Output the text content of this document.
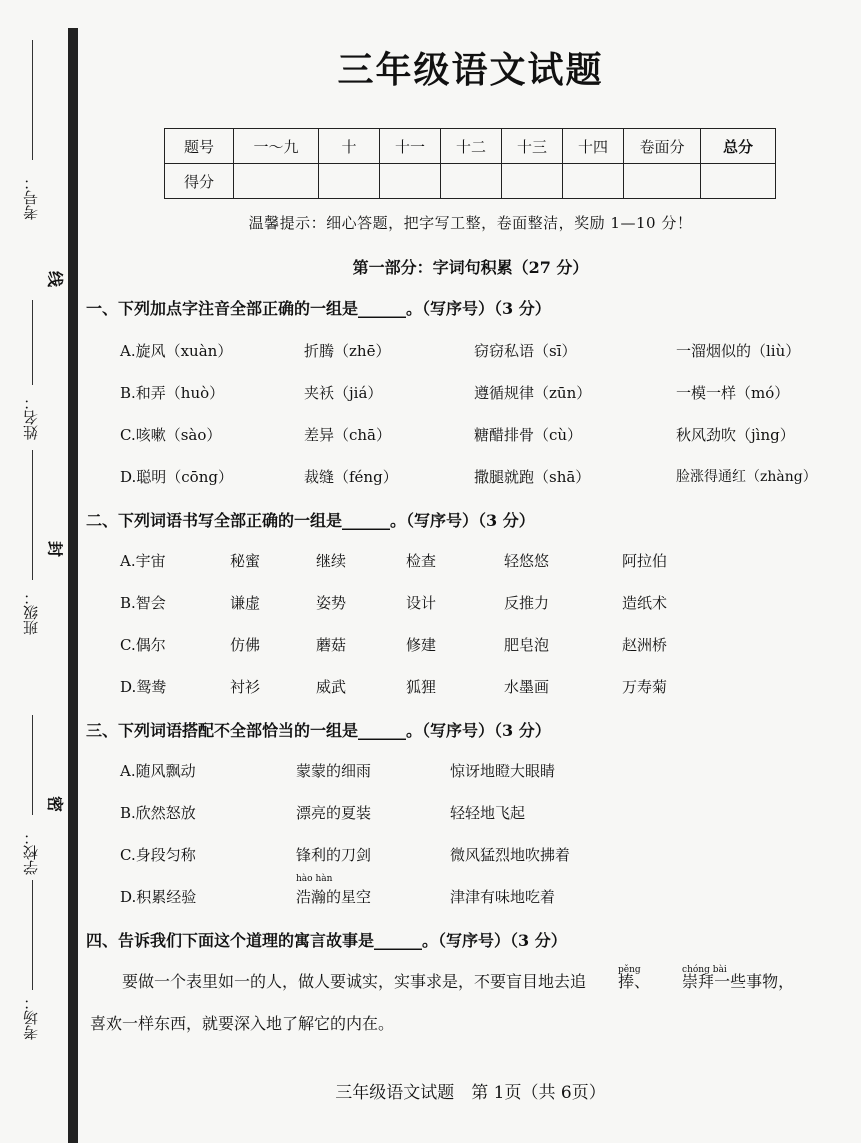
考号：
线
姓名：
封
班级：
密
学校：
考场：
三年级语文试题
题号	一～九	十	十一	十二	十三	十四	卷面分	总分
得分								
温馨提示：细心答题，把字写工整，卷面整洁，奖励 1—10 分！
第一部分：字词句积累（27 分）
一、下列加点字注音全部正确的一组是______。（写序号）（3 分）
A.旋风（xuàn）	折腾（zhē）	窃窃私语（sī）	一溜烟似的（liù）
B.和弄（huò）	夹袄（jiá）	遵循规律（zūn）	一模一样（mó）
C.咳嗽（sào）	差异（chā）	糖醋排骨（cù）	秋风劲吹（jìng）
D.聪明（cōng）	裁缝（féng）	撒腿就跑（shā）	脸涨得通红（zhàng）
二、下列词语书写全部正确的一组是______。（写序号）（3 分）
A.宇宙	秘蜜	继续	检查	轻悠悠	阿拉伯
B.智会	谦虚	姿势	设计	反推力	造纸术
C.偶尔	仿佛	蘑菇	修建	肥皂泡	赵洲桥
D.鸳鸯	衬衫	威武	狐狸	水墨画	万寿菊
三、下列词语搭配不全部恰当的一组是______。（写序号）（3 分）
A.随风飘动	蒙蒙的细雨	惊讶地瞪大眼睛
B.欣然怒放	漂亮的夏装	轻轻地飞起
C.身段匀称	锋利的刀剑	微风猛烈地吹拂着
hào hàn
D.积累经验	浩瀚的星空	津津有味地吃着
四、告诉我们下面这个道理的寓言故事是______。（写序号）（3 分）
要做一个表里如一的人，做人要诚实，实事求是，不要盲目地去追
pěng
捧、
chóng bài
崇拜一些事物，
喜欢一样东西，就要深入地了解它的内在。
三年级语文试题　第 1页（共 6页）
